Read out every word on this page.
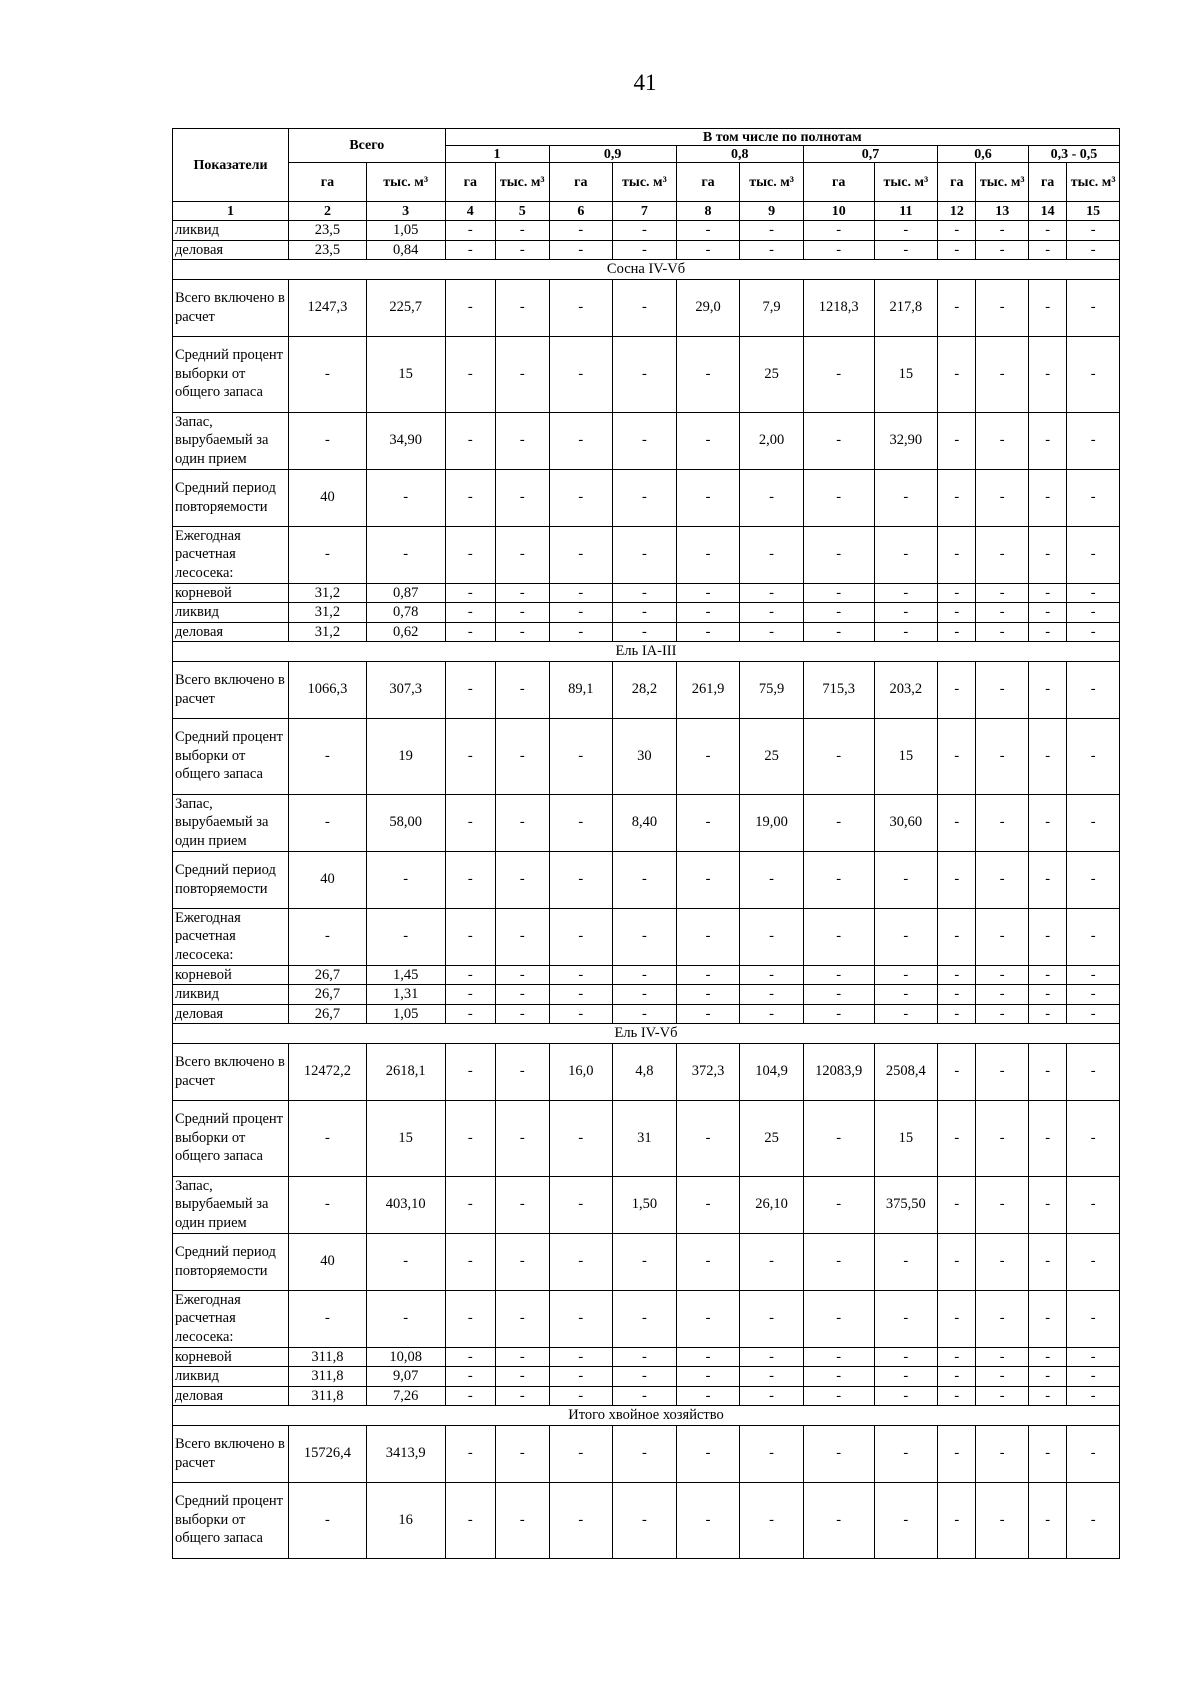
41
Показатели	Всего		В том числе по полнотам											
			1		0,9		0,8		0,7		0,6		0,3 - 0,5	
	га	тыс. м³	га	тыс. м³	га	тыс. м³	га	тыс. м³	га	тыс. м³	га	тыс. м³	га	тыс. м³
1	2	3	4	5	6	7	8	9	10	11	12	13	14	15
ликвид	23,5	1,05	-	-	-	-	-	-	-	-	-	-	-	-
деловая	23,5	0,84	-	-	-	-	-	-	-	-	-	-	-	-
Сосна IV-Vб														
Всего включено в расчет	1247,3	225,7	-	-	-	-	29,0	7,9	1218,3	217,8	-	-	-	-
Средний процент выборки от общего запаса	-	15	-	-	-	-	-	25	-	15	-	-	-	-
Запас, вырубаемый за один прием	-	34,90	-	-	-	-	-	2,00	-	32,90	-	-	-	-
Средний период повторяемости	40	-	-	-	-	-	-	-	-	-	-	-	-	-
Ежегодная расчетная лесосека:	-	-	-	-	-	-	-	-	-	-	-	-	-	-
корневой	31,2	0,87	-	-	-	-	-	-	-	-	-	-	-	-
ликвид	31,2	0,78	-	-	-	-	-	-	-	-	-	-	-	-
деловая	31,2	0,62	-	-	-	-	-	-	-	-	-	-	-	-
Ель IA-III														
Всего включено в расчет	1066,3	307,3	-	-	89,1	28,2	261,9	75,9	715,3	203,2	-	-	-	-
Средний процент выборки от общего запаса	-	19	-	-	-	30	-	25	-	15	-	-	-	-
Запас, вырубаемый за один прием	-	58,00	-	-	-	8,40	-	19,00	-	30,60	-	-	-	-
Средний период повторяемости	40	-	-	-	-	-	-	-	-	-	-	-	-	-
Ежегодная расчетная лесосека:	-	-	-	-	-	-	-	-	-	-	-	-	-	-
корневой	26,7	1,45	-	-	-	-	-	-	-	-	-	-	-	-
ликвид	26,7	1,31	-	-	-	-	-	-	-	-	-	-	-	-
деловая	26,7	1,05	-	-	-	-	-	-	-	-	-	-	-	-
Ель IV-Vб														
Всего включено в расчет	12472,2	2618,1	-	-	16,0	4,8	372,3	104,9	12083,9	2508,4	-	-	-	-
Средний процент выборки от общего запаса	-	15	-	-	-	31	-	25	-	15	-	-	-	-
Запас, вырубаемый за один прием	-	403,10	-	-	-	1,50	-	26,10	-	375,50	-	-	-	-
Средний период повторяемости	40	-	-	-	-	-	-	-	-	-	-	-	-	-
Ежегодная расчетная лесосека:	-	-	-	-	-	-	-	-	-	-	-	-	-	-
корневой	311,8	10,08	-	-	-	-	-	-	-	-	-	-	-	-
ликвид	311,8	9,07	-	-	-	-	-	-	-	-	-	-	-	-
деловая	311,8	7,26	-	-	-	-	-	-	-	-	-	-	-	-
Итого хвойное хозяйство														
Всего включено в расчет	15726,4	3413,9	-	-	-	-	-	-	-	-	-	-	-	-
Средний процент выборки от общего запаса	-	16	-	-	-	-	-	-	-	-	-	-	-	-
